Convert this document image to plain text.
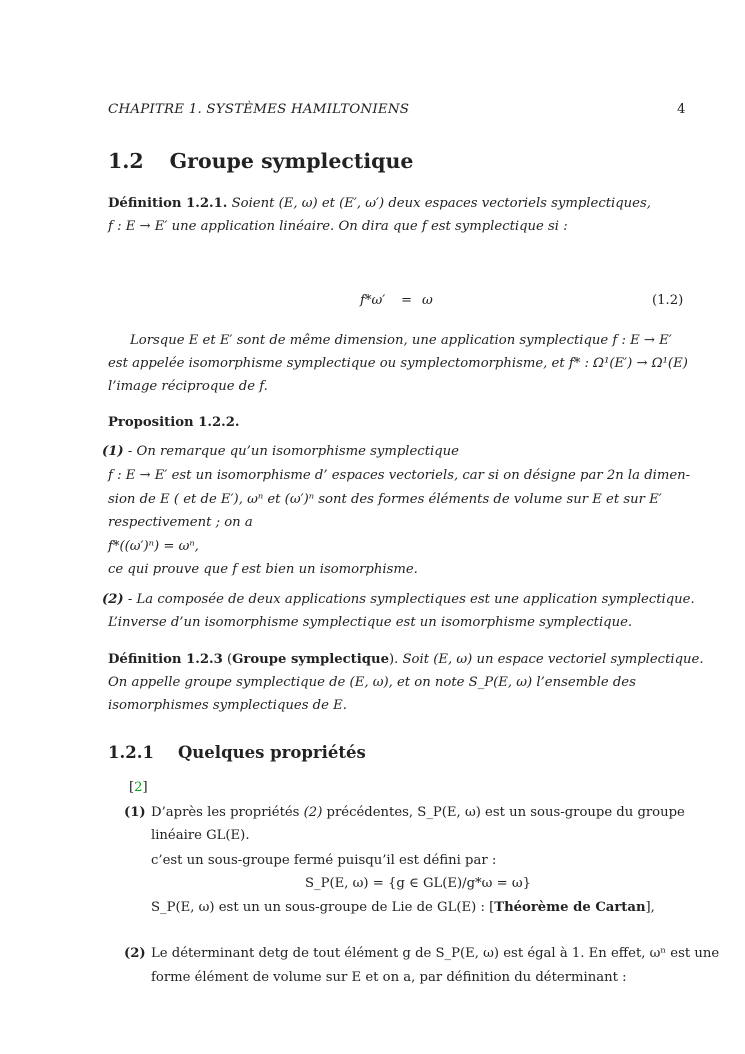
CHAPITRE 1. SYSTÈMES HAMILTONIENS	4
1.2 Groupe symplectique
Définition 1.2.1. Soient (E, ω) et (E′, ω′) deux espaces vectoriels symplectiques,
f : E → E′ une application linéaire. On dira que f est symplectique si :
f*ω′ = ω	(1.2)
Lorsque E et E′ sont de même dimension, une application symplectique f : E → E′
est appelée isomorphisme symplectique ou symplectomorphisme, et f* : Ω¹(E′) → Ω¹(E)
l’image réciproque de f.
Proposition 1.2.2.
(1) - On remarque qu’un isomorphisme symplectique
f : E → E′ est un isomorphisme d’ espaces vectoriels, car si on désigne par 2n la dimen-
sion de E ( et de E′), ωⁿ et (ω′)ⁿ sont des formes éléments de volume sur E et sur E′
respectivement ; on a
f*((ω′)ⁿ) = ωⁿ,
ce qui prouve que f est bien un isomorphisme.
(2) - La composée de deux applications symplectiques est une application symplectique.
L’inverse d’un isomorphisme symplectique est un isomorphisme symplectique.
Définition 1.2.3 (Groupe symplectique). Soit (E, ω) un espace vectoriel symplectique.
On appelle groupe symplectique de (E, ω), et on note S_P(E, ω) l’ensemble des
isomorphismes symplectiques de E.
1.2.1 Quelques propriétés
[2]
(1) D’après les propriétés (2) précédentes, S_P(E, ω) est un sous-groupe du groupe
linéaire GL(E).
c’est un sous-groupe fermé puisqu’il est défini par :
S_P(E, ω) = {g ∈ GL(E)/g*ω = ω}
S_P(E, ω) est un un sous-groupe de Lie de GL(E) : [Théorème de Cartan],
(2) Le déterminant detg de tout élément g de S_P(E, ω) est égal à 1. En effet, ωⁿ est une
forme élément de volume sur E et on a, par définition du déterminant :
